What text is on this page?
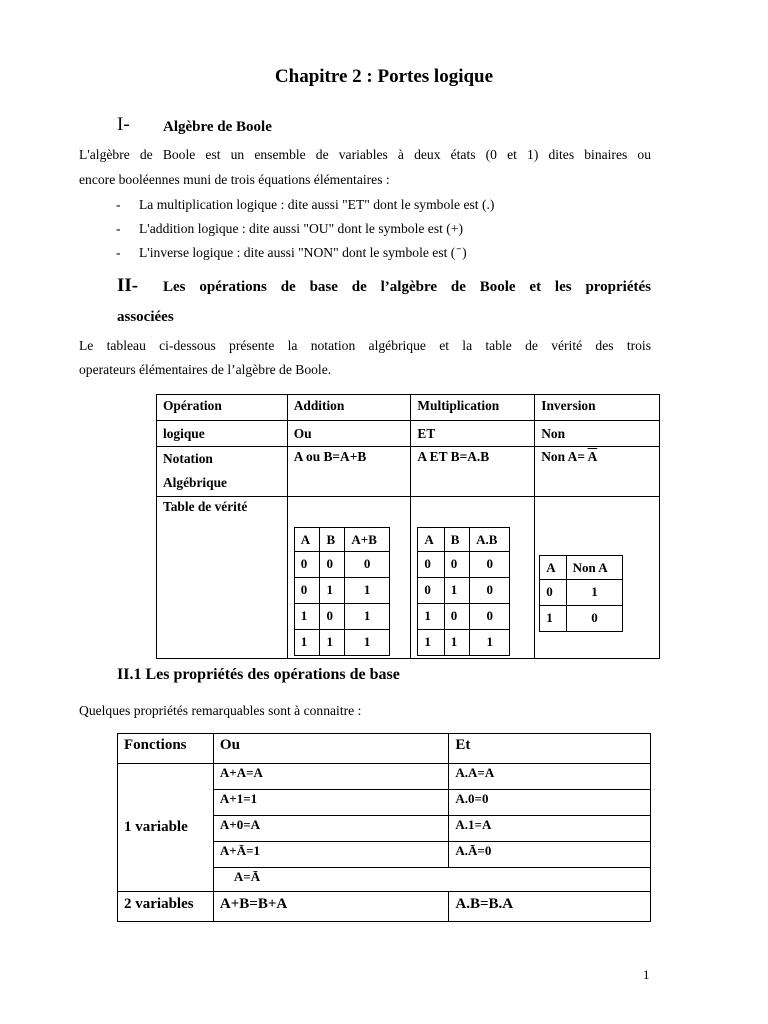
Chapitre 2 : Portes logique
I- Algèbre de Boole
L'algèbre de Boole est un ensemble de variables à deux états (0 et 1) dites binaires ou
encore booléennes muni de trois équations élémentaires :
- La multiplication logique : dite aussi "ET" dont le symbole est (.)
- L'addition logique : dite aussi "OU" dont le symbole est (+)
- L'inverse logique : dite aussi "NON" dont le symbole est ( ̄ )
II- Les opérations de base de l’algèbre de Boole et les propriétés
associées
Le tableau ci-dessous présente la notation algébrique et la table de vérité des trois
operateurs élémentaires de l’algèbre de Boole.
Opération	Addition	Multiplication	Inversion
logique	Ou	ET	Non

Notation
Algébrique
	A ou B=A+B	A ET B=A.B	Non $A= \overline{A}$
Table de vérité	
A	B	A+B
0	0	0
0	1	1
1	0	1
1	1	1

A	B	A.B
0	0	0
0	1	0
1	0	0
1	1	1

A	Non A
0	1
1	0
II.1 Les propriétés des opérations de base
Quelques propriétés remarquables sont à connaitre :
Fonctions	Ou	Et
1 variable	A+A=A	A.A=A
	A+1=1	A.0=0
	A+0=A	A.1=A
	A+Ā=1	A.Ā=0
	A=Ā	
2 variables	A+B=B+A	A.B=B.A
1
